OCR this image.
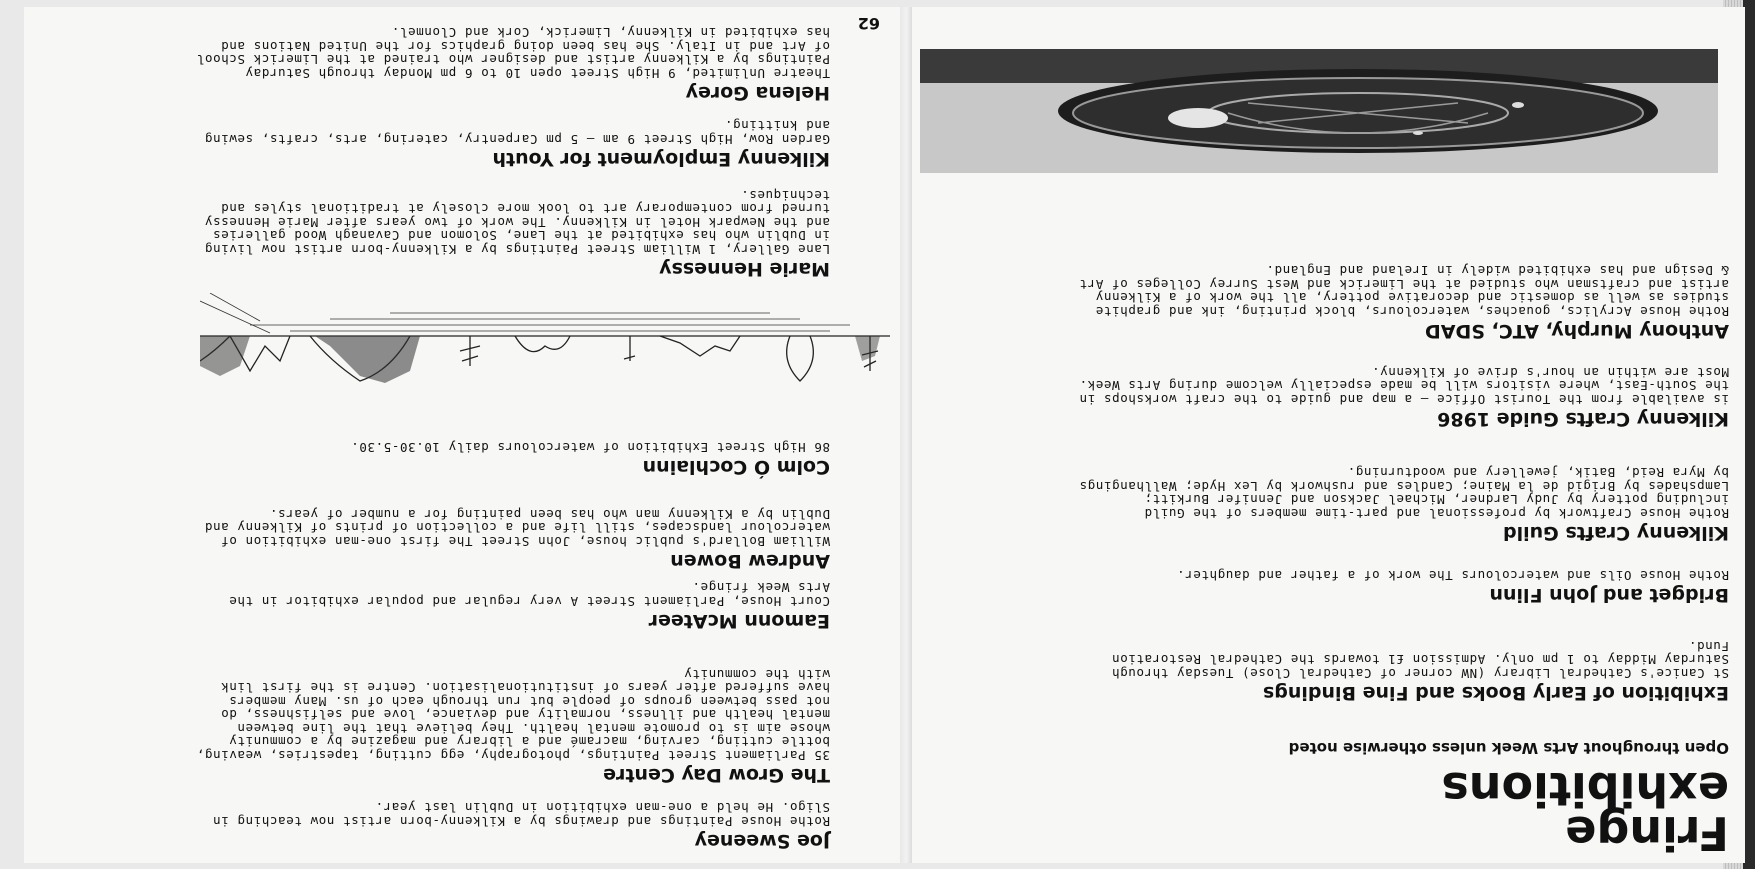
Fringe
exhibitions
Open throughout Arts Week unless otherwise noted
Exhibition of Early Books and Fine Bindings

St Canice's Cathedral Library (NW corner of Cathedral Close) Tuesday through Saturday Midday to 1 pm only. Admission £1 towards the Cathedral Restoration Fund.

Bridget and John Flinn

Rothe House Oils and watercolours The work of a father and daughter.

Kilkenny Crafts Guild

Rothe House Craftwork by professional and part-time members of the Guild including pottery by Judy Lardner, Michael Jackson and Jennifer Burkitt; Lampshades by Brigid de la Maine; Candles and rushwork by Lex Hyde; Wallhangings by Myra Reid, Batik, jewellery and woodturning.

Kilkenny Crafts Guide 1986

is available from the Tourist Office — a map and guide to the craft workshops in the South-East, where visitors will be made especially welcome during Arts Week. Most are within an hour's drive of Kilkenny.

Anthony Murphy, ATC, SDAD

Rothe House Acrylics, gouaches, watercolours, block printing, ink and graphite studies as well as domestic and decorative pottery, all the work of a Kilkenny artist and craftsman who studied at the Limerick and West Surrey Colleges of Art & Design and has exhibited widely in Ireland and England.

Joe Sweeney

Rothe House Paintings and drawings by a Kilkenny-born artist now teaching in Sligo. He held a one-man exhibition in Dublin last year.

The Grow Day Centre

35 Parliament Street Paintings, photography, egg cutting, tapestries, weaving, bottle cutting, carving, macramé and a library and magazine by a community whose aim is to promote mental health. They believe that the line between mental health and illness, normality and deviance, love and selfishness, do not pass between groups of people but run through each of us. Many members have suffered after years of institutionalisation. Centre is the first link with the community

Eamonn McAteer

Court House, Parliament Street A very regular and popular exhibitor in the Arts Week fringe.

Andrew Bowen

William Bollard's public house, John Street The first one-man exhibition of watercolour landscapes, still life and a collection of prints of Kilkenny and Dublin by a Kilkenny man who has been painting for a number of years.

Colm Ó Cochlainn

86 High Street Exhibition of watercolours daily 10.30-5.30.

Marie Hennessy

Lane Gallery, 1 William Street Paintings by a Kilkenny-born artist now living in Dublin who has exhibited at the Lane, Solomon and Cavanagh Wood galleries and the Newpark Hotel in Kilkenny. The work of two years after Marie Hennessy turned from contemporary art to look more closely at traditional styles and techniques.

Kilkenny Employment for Youth

Garden Row, High Street 9 am — 5 pm Carpentry, catering, arts, crafts, sewing and knitting.

Helena Gorey

Theatre Unlimited, 9 High Street open 10 to 6 pm Monday through Saturday Paintings by a Kilkenny artist and designer who trained at the Limerick School of Art and in Italy. She has been doing graphics for the United Nations and has exhibited in Kilkenny, Limerick, Cork and Clonmel. 62
